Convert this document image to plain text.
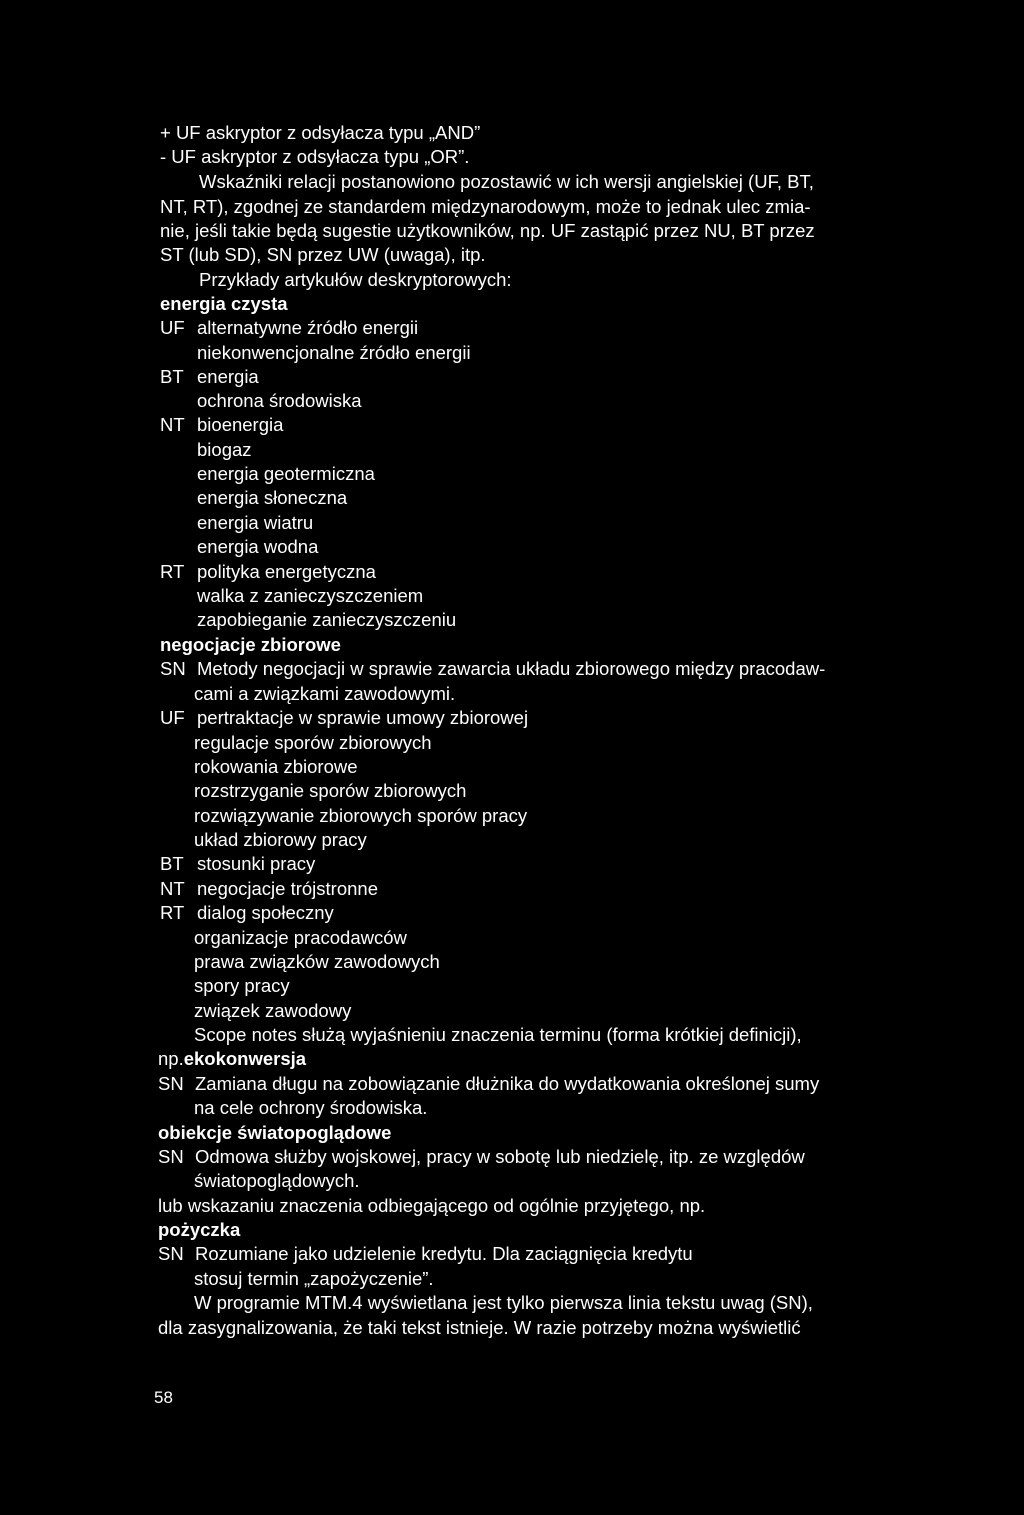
+ UF askryptor z odsyłacza typu „AND”

- UF askryptor z odsyłacza typu „OR”.

Wskaźniki relacji postanowiono pozostawić w ich wersji angielskiej (UF, BT,

NT, RT), zgodnej ze standardem międzynarodowym, może to jednak ulec zmia-

nie, jeśli takie będą sugestie użytkowników, np. UF zastąpić przez NU, BT przez

ST (lub SD), SN przez UW (uwaga), itp.

Przykłady artykułów deskryptorowych:

energia czysta

UF alternatywne źródło energii

niekonwencjonalne źródło energii

BT energia

ochrona środowiska

NT bioenergia

biogaz

energia geotermiczna

energia słoneczna

energia wiatru

energia wodna

RT polityka energetyczna

walka z zanieczyszczeniem

zapobieganie zanieczyszczeniu

negocjacje zbiorowe

SN Metody negocjacji w sprawie zawarcia układu zbiorowego między pracodaw-

cami a związkami zawodowymi.

UF pertraktacje w sprawie umowy zbiorowej

regulacje sporów zbiorowych

rokowania zbiorowe

rozstrzyganie sporów zbiorowych

rozwiązywanie zbiorowych sporów pracy

układ zbiorowy pracy

BT stosunki pracy

NT negocjacje trójstronne

RT dialog społeczny

organizacje pracodawców

prawa związków zawodowych

spory pracy

związek zawodowy

Scope notes służą wyjaśnieniu znaczenia terminu (forma krótkiej definicji),

np.ekokonwersja

SN Zamiana długu na zobowiązanie dłużnika do wydatkowania określonej sumy

na cele ochrony środowiska.

obiekcje światopoglądowe

SN Odmowa służby wojskowej, pracy w sobotę lub niedzielę, itp. ze względów

światopoglądowych.

lub wskazaniu znaczenia odbiegającego od ogólnie przyjętego, np.

pożyczka

SN Rozumiane jako udzielenie kredytu. Dla zaciągnięcia kredytu

stosuj termin „zapożyczenie”.

W programie MTM.4 wyświetlana jest tylko pierwsza linia tekstu uwag (SN),

dla zasygnalizowania, że taki tekst istnieje. W razie potrzeby można wyświetlić

58
